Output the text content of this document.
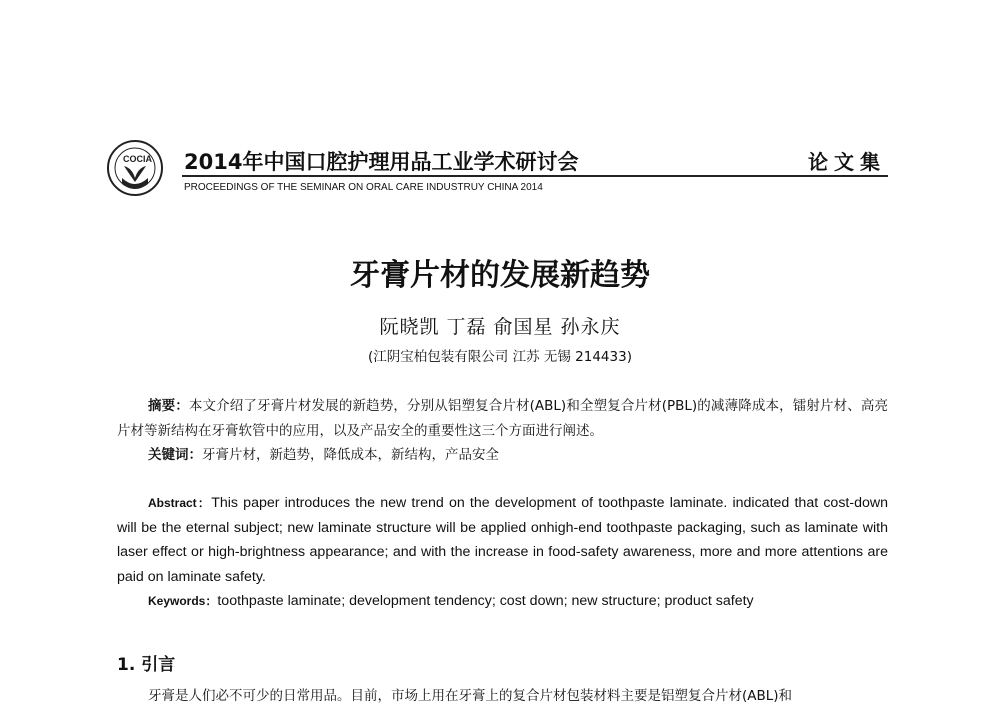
COCIA 2014年中国口腔护理用品工业学术研讨会	论文集
PROCEEDINGS OF THE SEMINAR ON ORAL CARE INDUSTRUY CHINA 2014
牙膏片材的发展新趋势
阮晓凯 丁磊 俞国星 孙永庆
(江阴宝柏包装有限公司 江苏 无锡 214433)
摘要：本文介绍了牙膏片材发展的新趋势，分别从铝塑复合片材(ABL)和全塑复合片材(PBL)的减薄降成本，镭射片材、高亮片材等新结构在牙膏软管中的应用，以及产品安全的重要性这三个方面进行阐述。
关键词：牙膏片材，新趋势，降低成本，新结构，产品安全
Abstract：This paper introduces the new trend on the development of toothpaste laminate. indicated that cost-down will be the eternal subject; new laminate structure will be applied onhigh-end toothpaste packaging, such as laminate with laser effect or high-brightness appearance; and with the increase in food-safety awareness, more and more attentions are paid on laminate safety.
Keywords：toothpaste laminate; development tendency; cost down; new structure; product safety
1. 引言
牙膏是人们必不可少的日常用品。目前，市场上用在牙膏上的复合片材包装材料主要是铝塑复合片材(ABL)和
